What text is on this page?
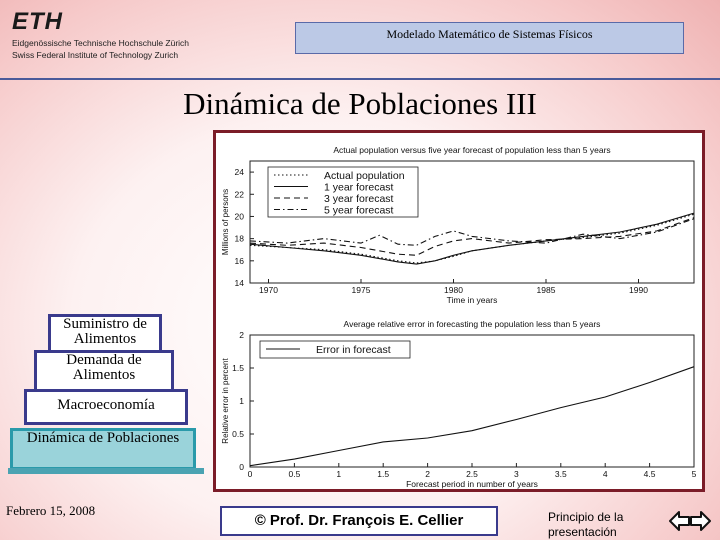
ETH
Eidgenössische Technische Hochschule Zürich
Swiss Federal Institute of Technology Zurich
Modelado Matemático de Sistemas Físicos
Dinámica de Poblaciones III
Actual population versus five year forecast of population less than 5 years
1970	1975	1980	1985	1990
14
16
18
20
22
24
Time in years
Millions of persons
Actual population
1 year forecast
3 year forecast
5 year forecast
Average relative error in forecasting the population less than 5 years
0	0.5	1	1.5	2	2.5	3	3.5	4	4.5	5
0
0.5
1
1.5
2
Forecast period in number of years
Relative error in percent
Error in forecast
Suministro de Alimentos
Demanda de Alimentos
Macroeconomía
Dinámica de Poblaciones
Febrero 15, 2008
© Prof. Dr. François E. Cellier	Principio de la presentación
